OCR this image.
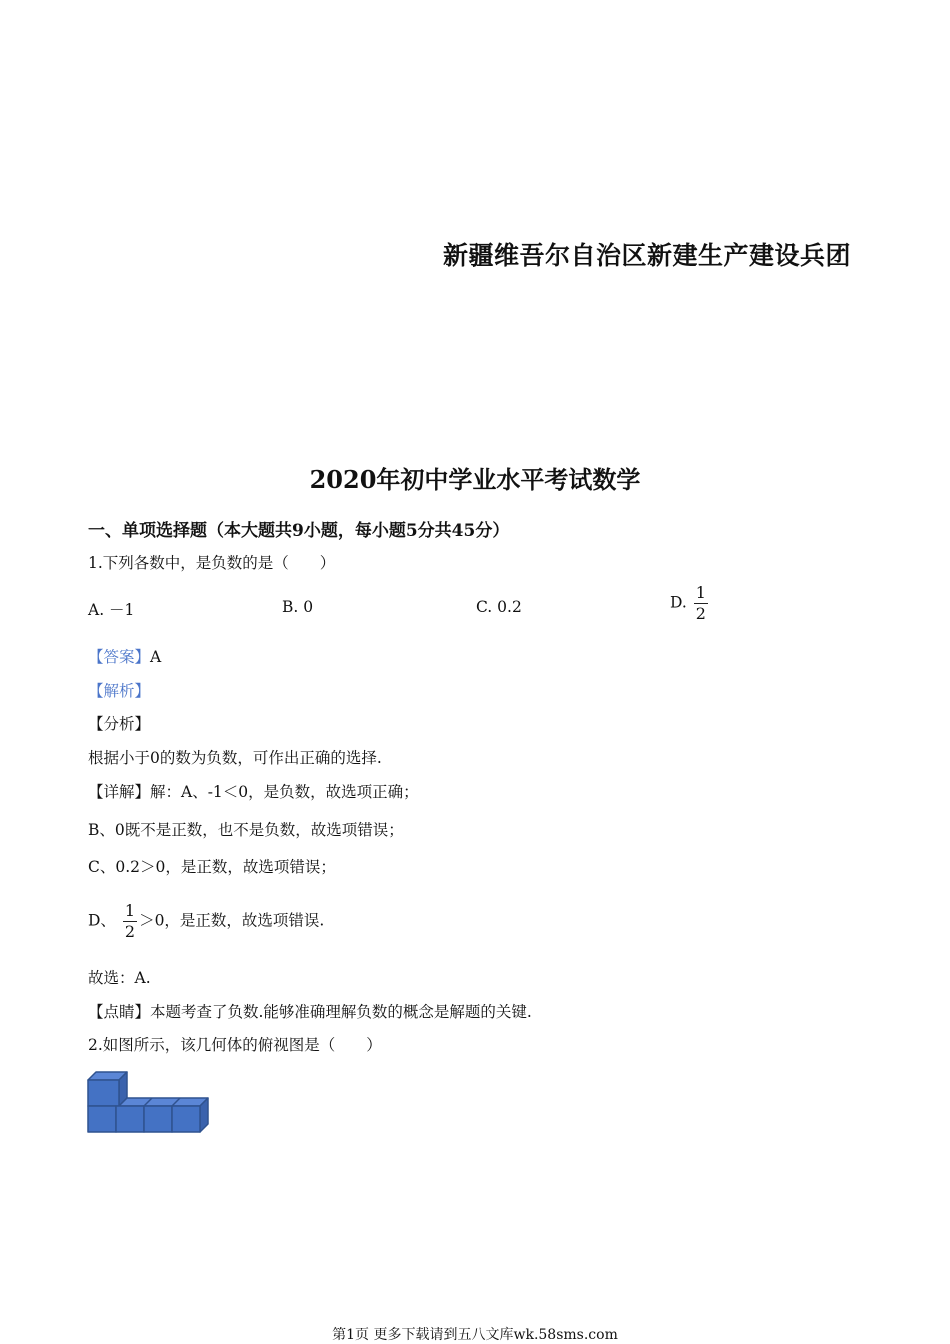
新疆维吾尔自治区新建生产建设兵团
2020年初中学业水平考试数学
一、单项选择题（本大题共9小题，每小题5分共45分）
1.下列各数中，是负数的是（　　）
A. －1	B. 0	C. 0.2	D. $\frac{1}{2}$
【答案】A
【解析】
【分析】
根据小于0的数为负数，可作出正确的选择.
【详解】解：A、-1＜0，是负数，故选项正确；
B、0既不是正数，也不是负数，故选项错误；
C、0.2＞0，是正数，故选项错误；
D、 $\frac{1}{2} >0$，是正数，故选项错误.
故选：A.
【点睛】本题考查了负数.能够准确理解负数的概念是解题的关键.
2.如图所示，该几何体的俯视图是（　　）
第1页 更多下载请到五八文库wk.58sms.com
